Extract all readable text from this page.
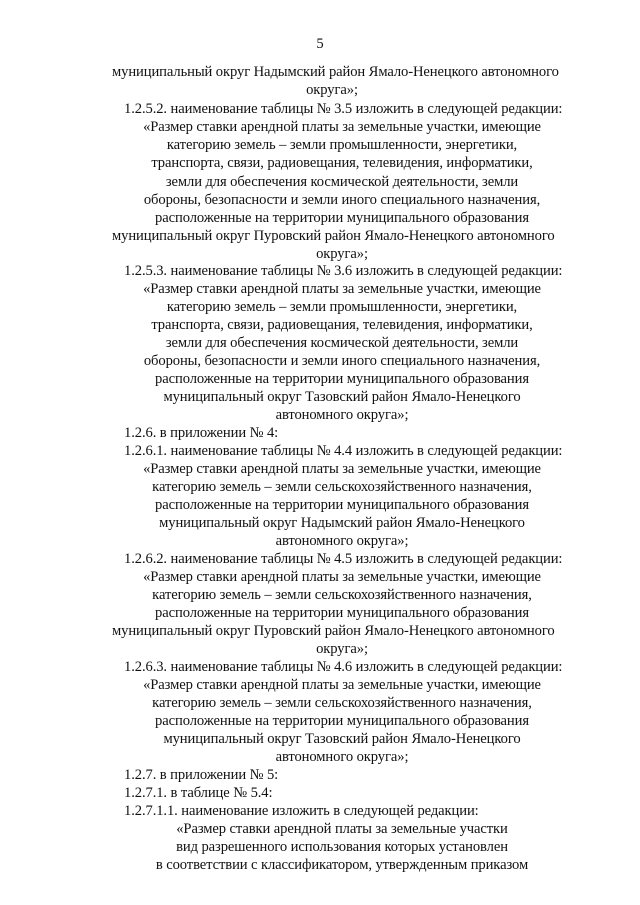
5
муниципальный округ Надымский район Ямало-Ненецкого автономного
округа»;
1.2.5.2. наименование таблицы № 3.5 изложить в следующей редакции:
«Размер ставки арендной платы за земельные участки, имеющие
категорию земель – земли промышленности, энергетики,
транспорта, связи, радиовещания, телевидения, информатики,
земли для обеспечения космической деятельности, земли
обороны, безопасности и земли иного специального назначения,
расположенные на территории муниципального образования
муниципальный округ Пуровский район Ямало-Ненецкого автономного
округа»;
1.2.5.3. наименование таблицы № 3.6 изложить в следующей редакции:
«Размер ставки арендной платы за земельные участки, имеющие
категорию земель – земли промышленности, энергетики,
транспорта, связи, радиовещания, телевидения, информатики,
земли для обеспечения космической деятельности, земли
обороны, безопасности и земли иного специального назначения,
расположенные на территории муниципального образования
муниципальный округ Тазовский район Ямало-Ненецкого
автономного округа»;
1.2.6. в приложении № 4:
1.2.6.1. наименование таблицы № 4.4 изложить в следующей редакции:
«Размер ставки арендной платы за земельные участки, имеющие
категорию земель – земли сельскохозяйственного назначения,
расположенные на территории муниципального образования
муниципальный округ Надымский район Ямало-Ненецкого
автономного округа»;
1.2.6.2. наименование таблицы № 4.5 изложить в следующей редакции:
«Размер ставки арендной платы за земельные участки, имеющие
категорию земель – земли сельскохозяйственного назначения,
расположенные на территории муниципального образования
муниципальный округ Пуровский район Ямало-Ненецкого автономного
округа»;
1.2.6.3. наименование таблицы № 4.6 изложить в следующей редакции:
«Размер ставки арендной платы за земельные участки, имеющие
категорию земель – земли сельскохозяйственного назначения,
расположенные на территории муниципального образования
муниципальный округ Тазовский район Ямало-Ненецкого
автономного округа»;
1.2.7. в приложении № 5:
1.2.7.1. в таблице № 5.4:
1.2.7.1.1. наименование изложить в следующей редакции:
«Размер ставки арендной платы за земельные участки
вид разрешенного использования которых установлен
в соответствии с классификатором, утвержденным приказом
